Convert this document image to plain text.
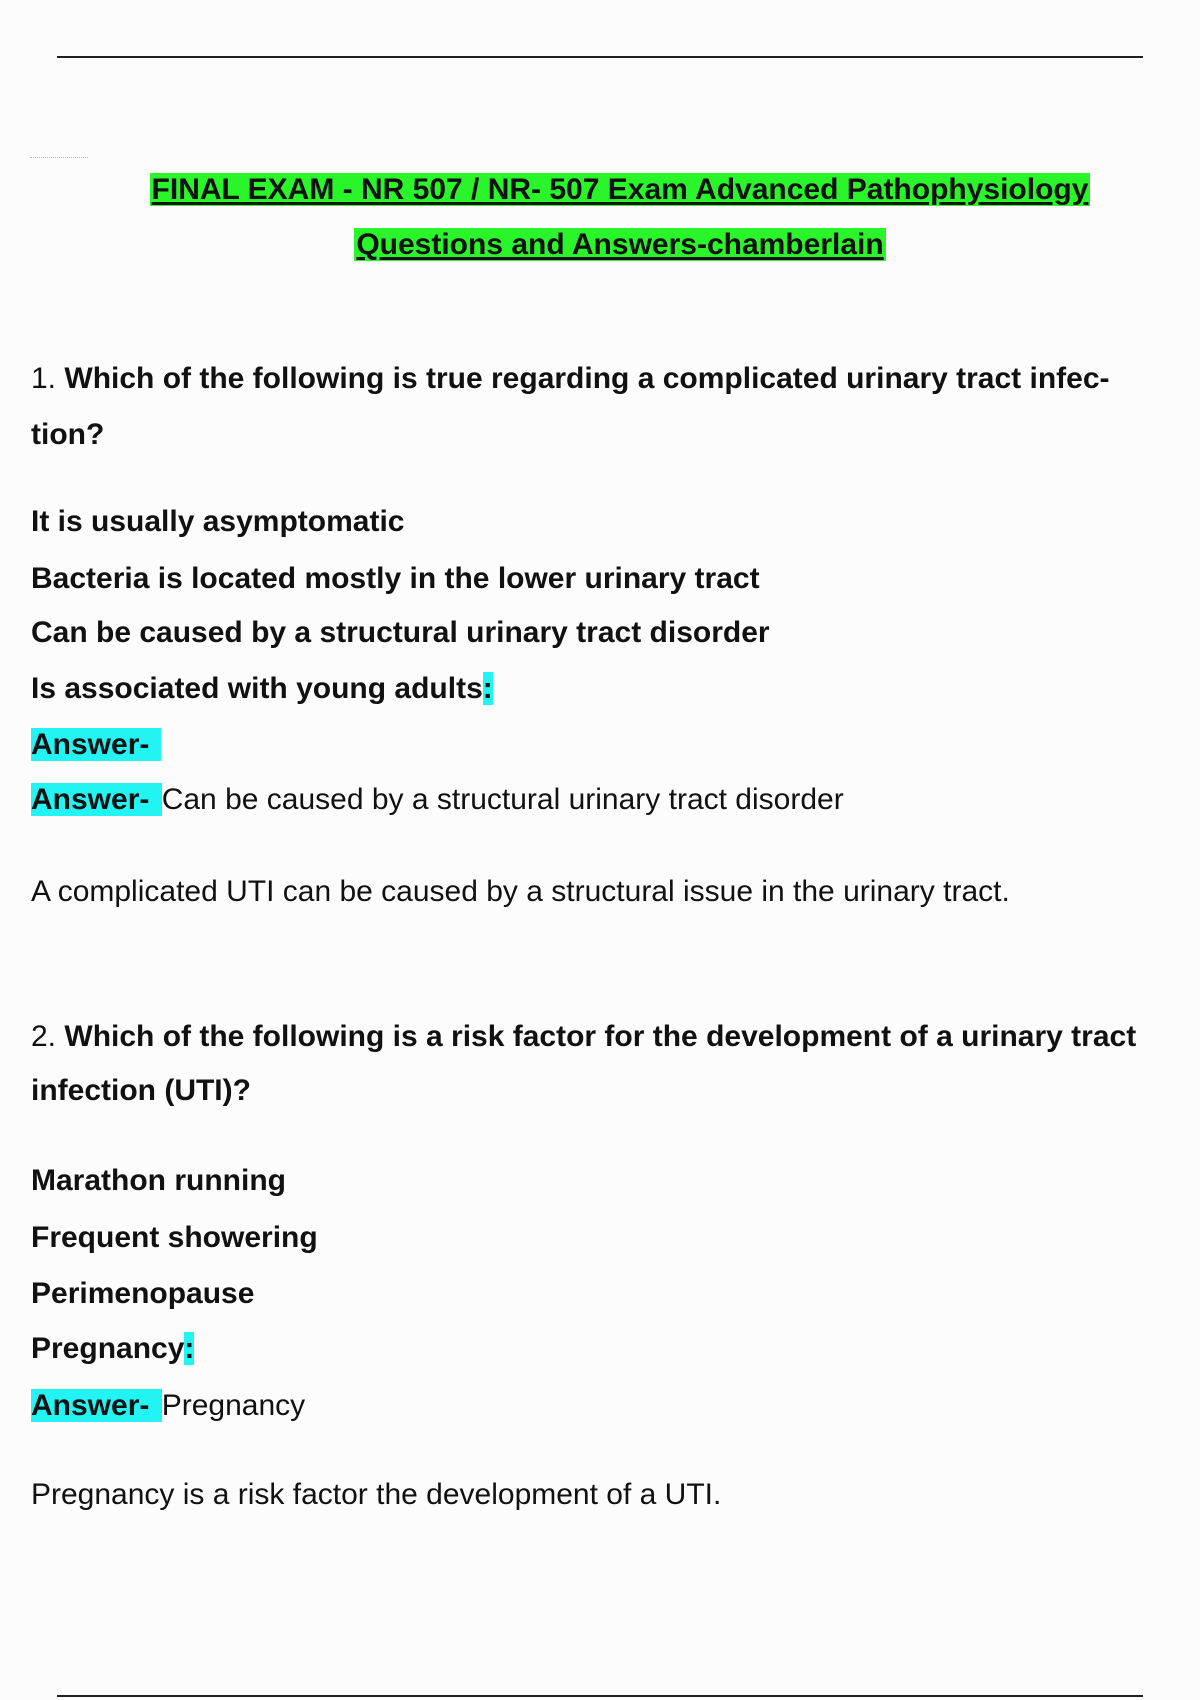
FINAL EXAM - NR 507 / NR- 507 Exam Advanced Pathophysiology
Questions and Answers-chamberlain
1. Which of the following is true regarding a complicated urinary tract infec-
tion?
It is usually asymptomatic
Bacteria is located mostly in the lower urinary tract
Can be caused by a structural urinary tract disorder
Is associated with young adults:
Answer-
Answer- Can be caused by a structural urinary tract disorder
A complicated UTI can be caused by a structural issue in the urinary tract.
2. Which of the following is a risk factor for the development of a urinary tract
infection (UTI)?
Marathon running
Frequent showering
Perimenopause
Pregnancy:
Answer- Pregnancy
Pregnancy is a risk factor the development of a UTI.
